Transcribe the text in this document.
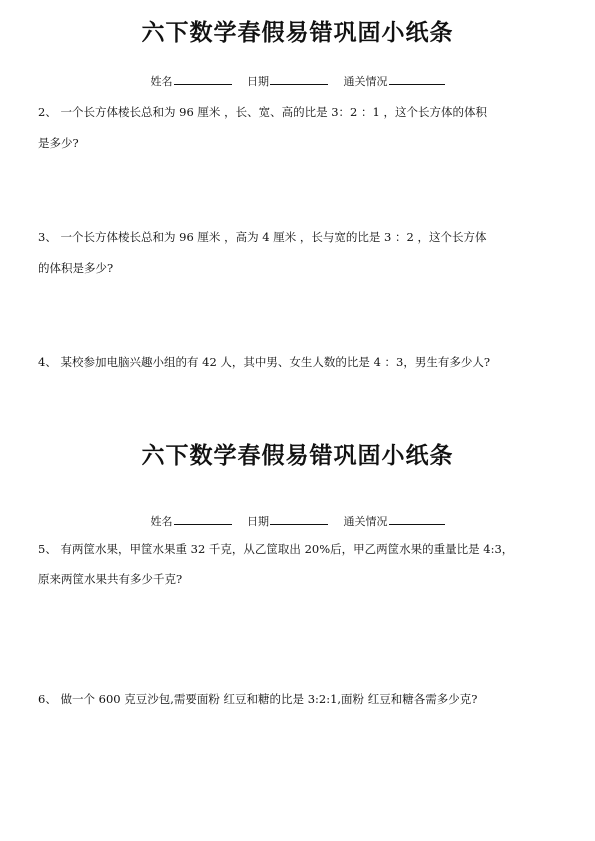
六下数学春假易错巩固小纸条
姓名	日期	通关情况
2、 一个长方体棱长总和为 96 厘米 ，长、宽、高的比是 3：2 ：1 ，这个长方体的体积
是多少?
3、 一个长方体棱长总和为 96 厘米 ，高为 4 厘米 ，长与宽的比是 3 ：2 ，这个长方体
的体积是多少?
4、 某校参加电脑兴趣小组的有 42 人，其中男、女生人数的比是 4 ：3，男生有多少人?
六下数学春假易错巩固小纸条
姓名	日期	通关情况
5、 有两筐水果，甲筐水果重 32 千克，从乙筐取出 20%后，甲乙两筐水果的重量比是 4:3，
原来两筐水果共有多少千克?
6、 做一个 600 克豆沙包,需要面粉 红豆和糖的比是 3:2:1,面粉 红豆和糖各需多少克?
